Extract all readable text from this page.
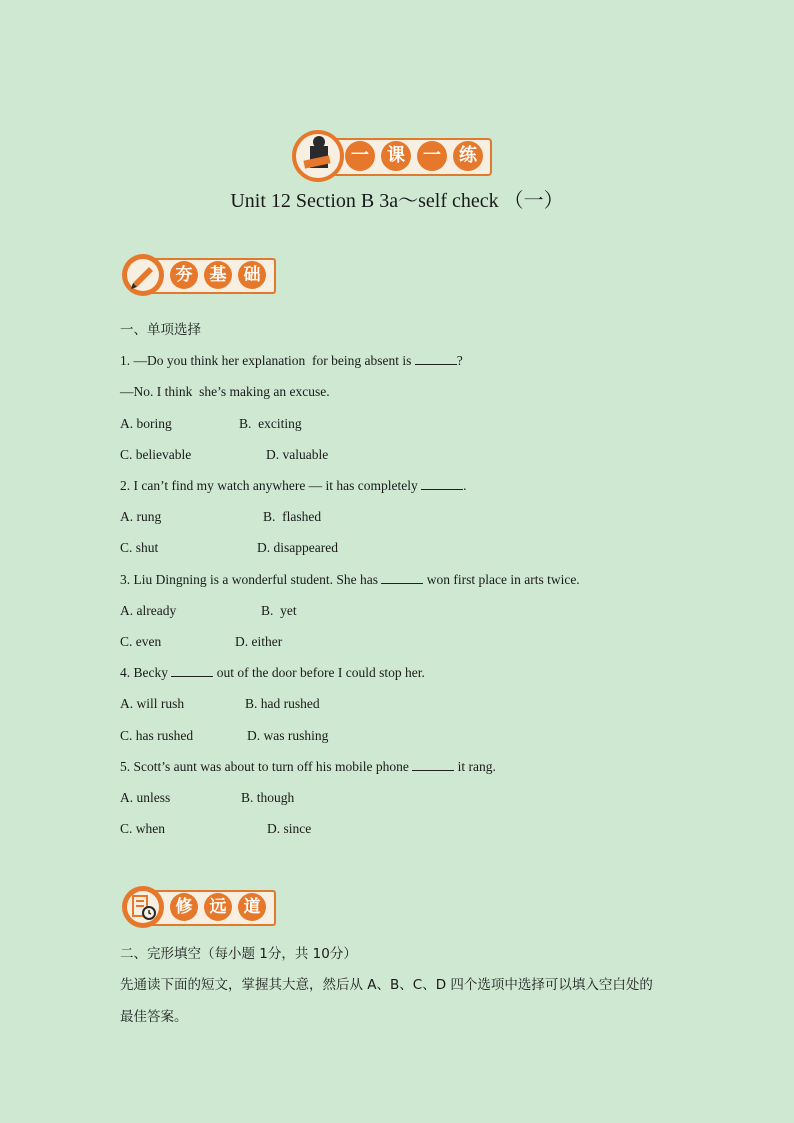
一	课	一	练
Unit 12 Section B 3a～self check （一）
夯	基	础
一、单项选择
1. —Do you think her explanation  for being absent is	?
—No. I think  she’s making an excuse.
A. boring	B.  exciting
C. believable	D. valuable
2. I can’t find my watch anywhere — it has completely	.
A. rung	B.  flashed
C. shut	D. disappeared
3. Liu Dingning is a wonderful student. She has	won first place in arts twice.
A. already	B.  yet
C. even	D. either
4. Becky	out of the door before I could stop her.
A. will rush	B. had rushed
C. has rushed	D. was rushing
5. Scott’s aunt was about to turn off his mobile phone	it rang.
A. unless	B. though
C. when	D. since
修	远	道
二、完形填空（每小题 1分，共 10分）
先通读下面的短文，掌握其大意，然后从 A、B、C、D 四个选项中选择可以填入空白处的
最佳答案。
